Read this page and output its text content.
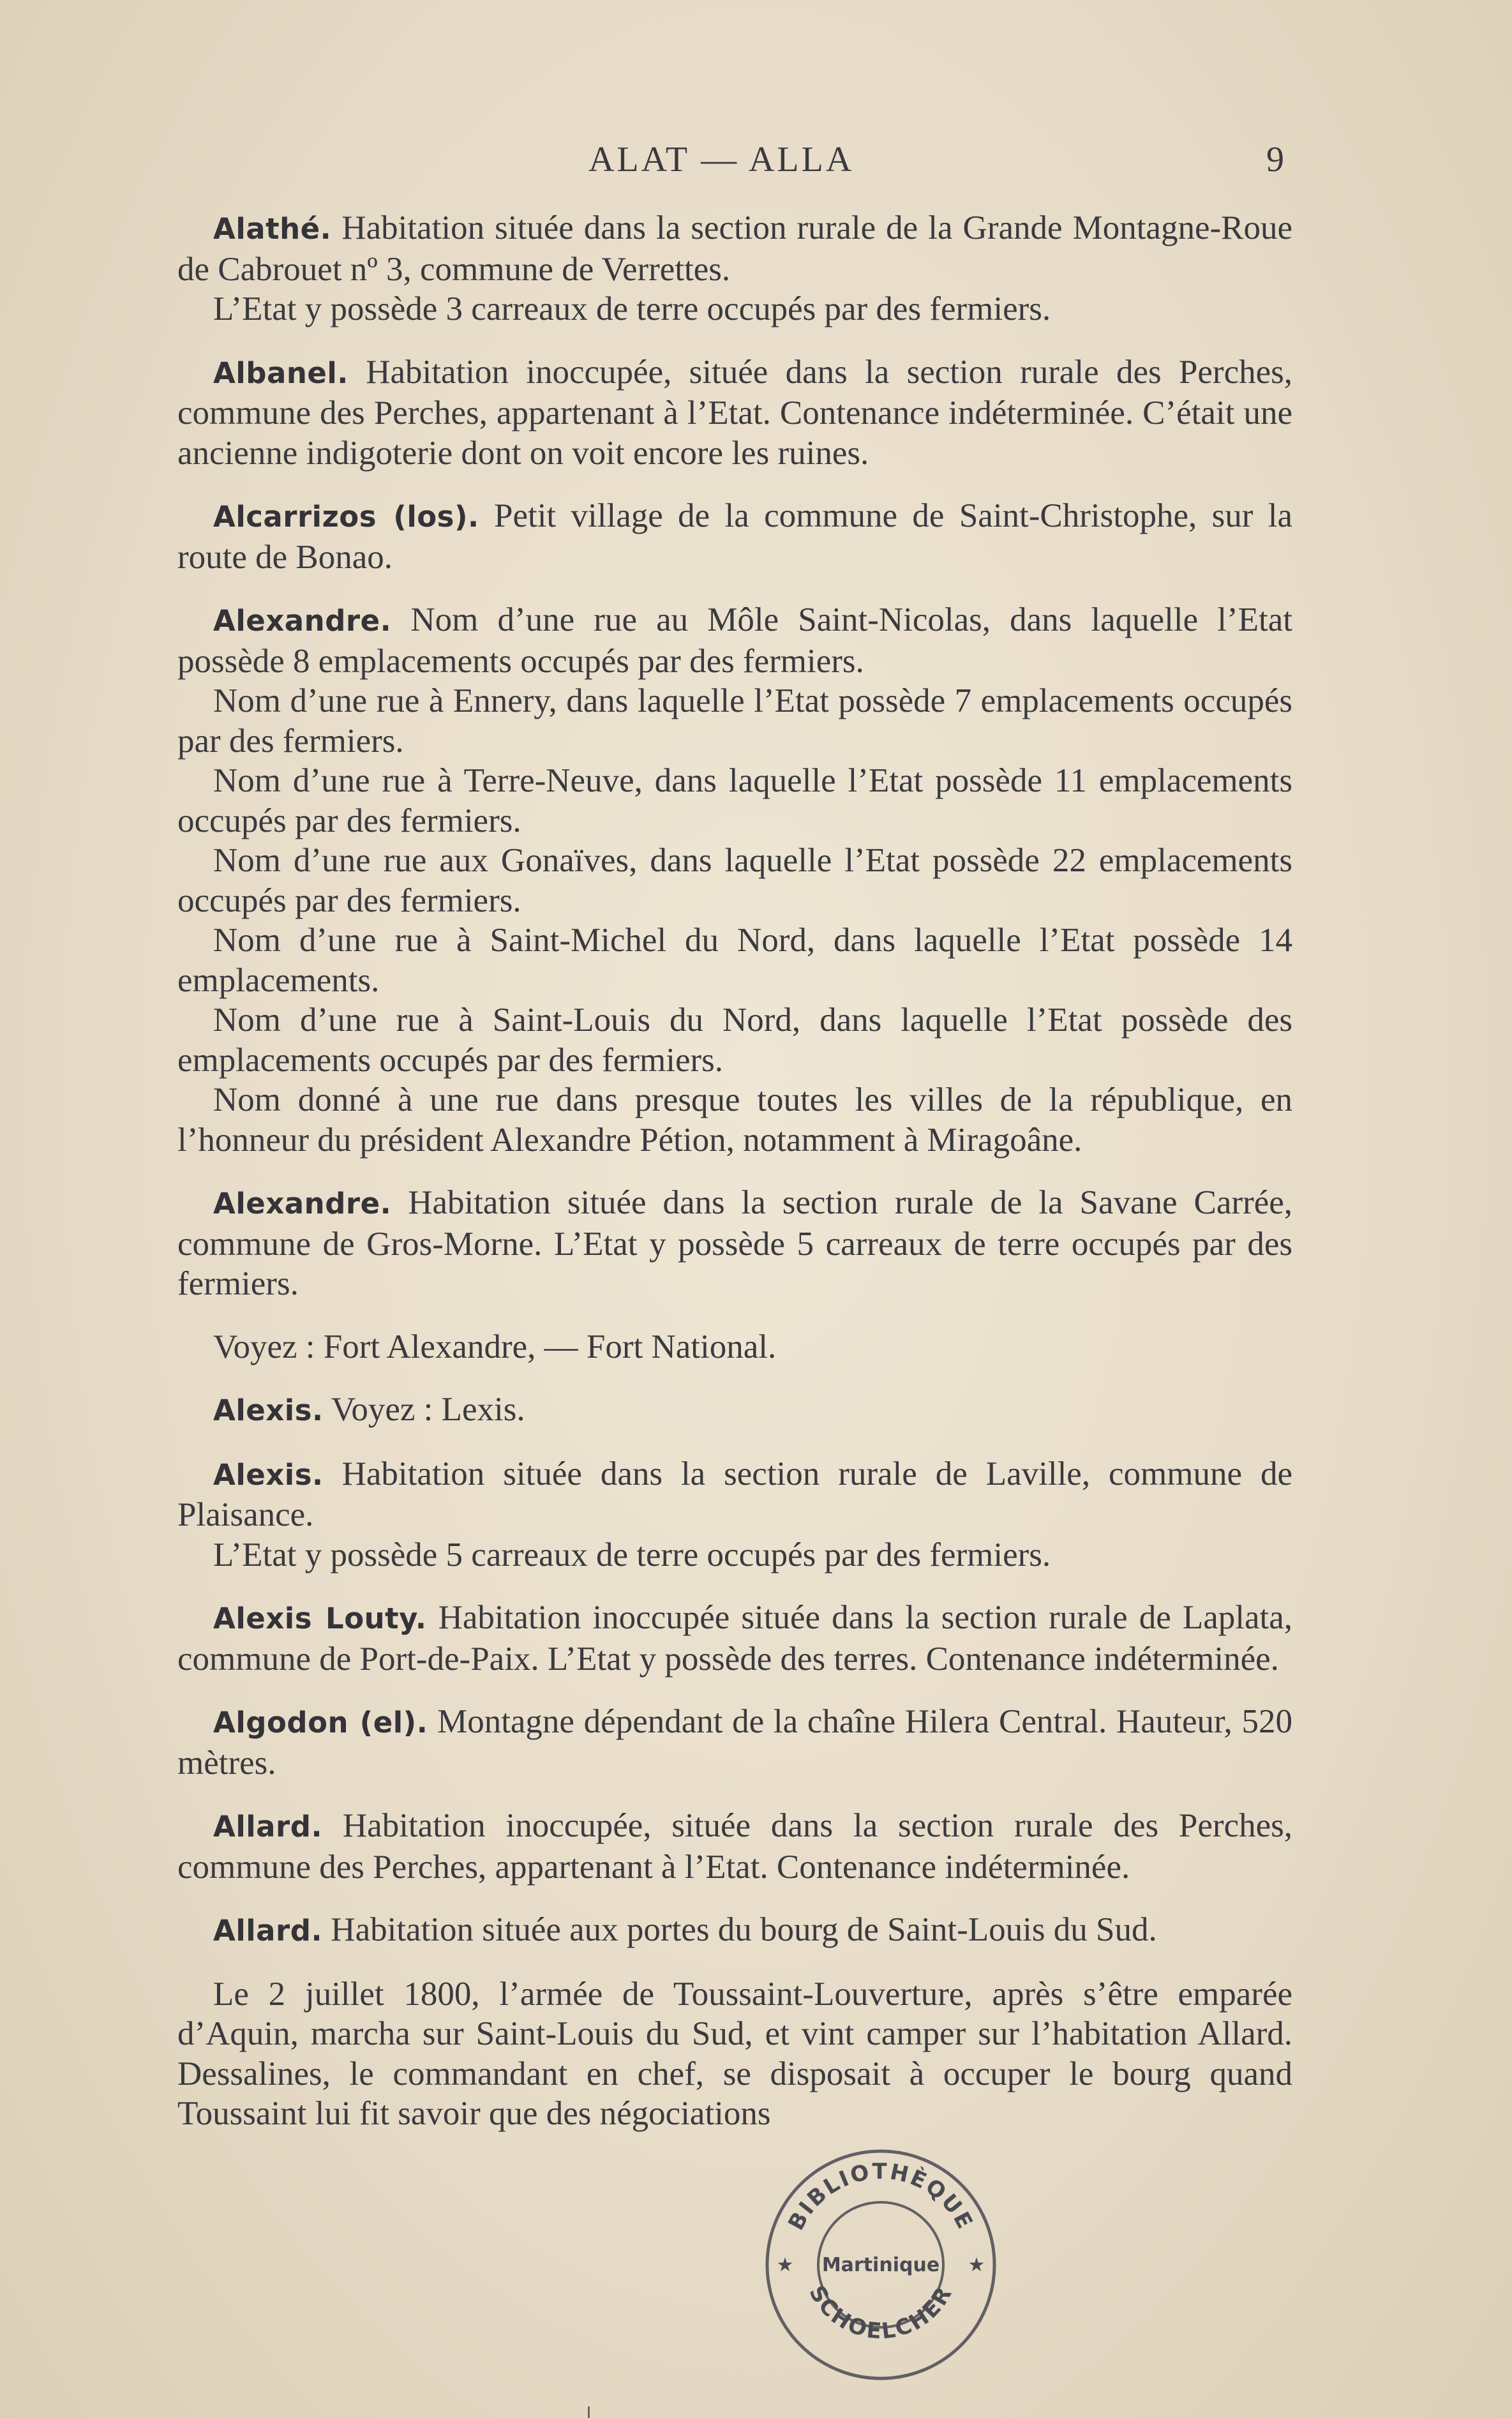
ALAT — ALLA	9

Alathé. Habitation située dans la section rurale de la Grande Montagne-Roue de Cabrouet nº 3, commune de Verrettes.

L’Etat y possède 3 carreaux de terre occupés par des fermiers.

Albanel. Habitation inoccupée, située dans la section rurale des Perches, commune des Perches, appartenant à l’Etat. Contenance indéterminée. C’était une ancienne indigoterie dont on voit encore les ruines.

Alcarrizos (los). Petit village de la commune de Saint-Christophe, sur la route de Bonao.

Alexandre. Nom d’une rue au Môle Saint-Nicolas, dans laquelle l’Etat possède 8 emplacements occupés par des fermiers.

Nom d’une rue à Ennery, dans laquelle l’Etat possède 7 emplacements occupés par des fermiers.

Nom d’une rue à Terre-Neuve, dans laquelle l’Etat possède 11 emplacements occupés par des fermiers.

Nom d’une rue aux Gonaïves, dans laquelle l’Etat possède 22 emplacements occupés par des fermiers.

Nom d’une rue à Saint-Michel du Nord, dans laquelle l’Etat possède 14 emplacements.

Nom d’une rue à Saint-Louis du Nord, dans laquelle l’Etat possède des emplacements occupés par des fermiers.

Nom donné à une rue dans presque toutes les villes de la république, en l’honneur du président Alexandre Pétion, notamment à Miragoâne.

Alexandre. Habitation située dans la section rurale de la Savane Carrée, commune de Gros-Morne. L’Etat y possède 5 carreaux de terre occupés par des fermiers.

Voyez : Fort Alexandre, — Fort National.

Alexis. Voyez : Lexis.

Alexis. Habitation située dans la section rurale de Laville, commune de Plaisance.

L’Etat y possède 5 carreaux de terre occupés par des fermiers.

Alexis Louty. Habitation inoccupée située dans la section rurale de Laplata, commune de Port-de-Paix. L’Etat y possède des terres. Contenance indéterminée.

Algodon (el). Montagne dépendant de la chaîne Hilera Central. Hauteur, 520 mètres.

Allard. Habitation inoccupée, située dans la section rurale des Perches, commune des Perches, appartenant à l’Etat. Contenance indéterminée.

Allard. Habitation située aux portes du bourg de Saint-Louis du Sud.

Le 2 juillet 1800, l’armée de Toussaint-Louverture, après s’être emparée d’Aquin, marcha sur Saint-Louis du Sud, et vint camper sur l’habitation Allard. Dessalines, le commandant en chef, se disposait à occuper le bourg quand Toussaint lui fit savoir que des négociations

BIBLIOTHÈQUE
SCHOELCHER
Martinique
★	★
